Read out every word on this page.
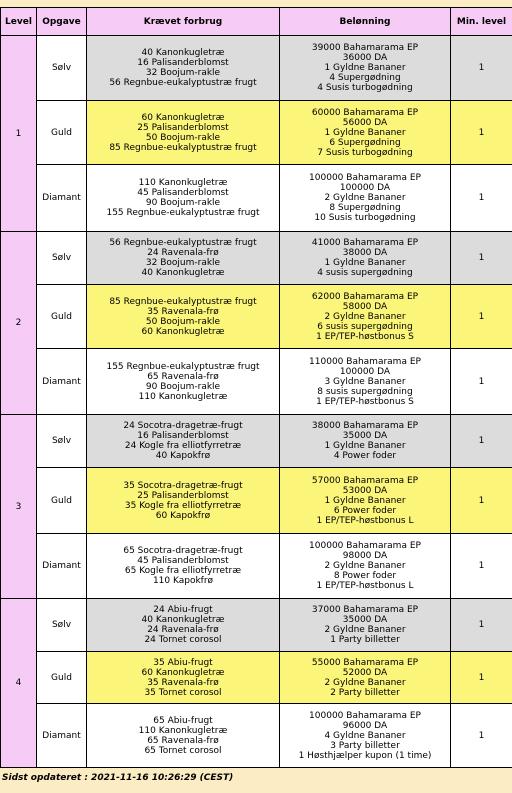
Level	Opgave	Krævet forbrug	Belønning	Min. level
1	Sølv	40 Kanonkugletræ
16 Palisanderblomst
32 Boojum-rakle
56 Regnbue-eukalyptustræ frugt	39000 Bahamarama EP
36000 DA
1 Gyldne Bananer
4 Supergødning
4 Susis turbogødning	1
	Guld	60 Kanonkugletræ
25 Palisanderblomst
50 Boojum-rakle
85 Regnbue-eukalyptustræ frugt	60000 Bahamarama EP
56000 DA
1 Gyldne Bananer
6 Supergødning
7 Susis turbogødning	1
	Diamant	110 Kanonkugletræ
45 Palisanderblomst
90 Boojum-rakle
155 Regnbue-eukalyptustræ frugt	100000 Bahamarama EP
100000 DA
2 Gyldne Bananer
8 Supergødning
10 Susis turbogødning	1
2	Sølv	56 Regnbue-eukalyptustræ frugt
24 Ravenala-frø
32 Boojum-rakle
40 Kanonkugletræ	41000 Bahamarama EP
38000 DA
1 Gyldne Bananer
4 susis supergødning	1
	Guld	85 Regnbue-eukalyptustræ frugt
35 Ravenala-frø
50 Boojum-rakle
60 Kanonkugletræ	62000 Bahamarama EP
58000 DA
2 Gyldne Bananer
6 susis supergødning
1 EP/TEP-høstbonus S	1
	Diamant	155 Regnbue-eukalyptustræ frugt
65 Ravenala-frø
90 Boojum-rakle
110 Kanonkugletræ	110000 Bahamarama EP
100000 DA
3 Gyldne Bananer
8 susis supergødning
1 EP/TEP-høstbonus S	1
3	Sølv	24 Socotra-dragetræ-frugt
16 Palisanderblomst
24 Kogle fra elliotfyrretræ
40 Kapokfrø	38000 Bahamarama EP
35000 DA
1 Gyldne Bananer
4 Power foder	1
	Guld	35 Socotra-dragetræ-frugt
25 Palisanderblomst
35 Kogle fra elliotfyrretræ
60 Kapokfrø	57000 Bahamarama EP
53000 DA
1 Gyldne Bananer
6 Power foder
1 EP/TEP-høstbonus L	1
	Diamant	65 Socotra-dragetræ-frugt
45 Palisanderblomst
65 Kogle fra elliotfyrretræ
110 Kapokfrø	100000 Bahamarama EP
98000 DA
2 Gyldne Bananer
8 Power foder
1 EP/TEP-høstbonus L	1
4	Sølv	24 Abiu-frugt
40 Kanonkugletræ
24 Ravenala-frø
24 Tornet corosol	37000 Bahamarama EP
35000 DA
2 Gyldne Bananer
1 Party billetter	1
	Guld	35 Abiu-frugt
60 Kanonkugletræ
35 Ravenala-frø
35 Tornet corosol	55000 Bahamarama EP
52000 DA
2 Gyldne Bananer
2 Party billetter	1
	Diamant	65 Abiu-frugt
110 Kanonkugletræ
65 Ravenala-frø
65 Tornet corosol	100000 Bahamarama EP
96000 DA
4 Gyldne Bananer
3 Party billetter
1 Høsthjælper kupon (1 time)	1
Sidst opdateret : 2021-11-16 10:26:29 (CEST)
